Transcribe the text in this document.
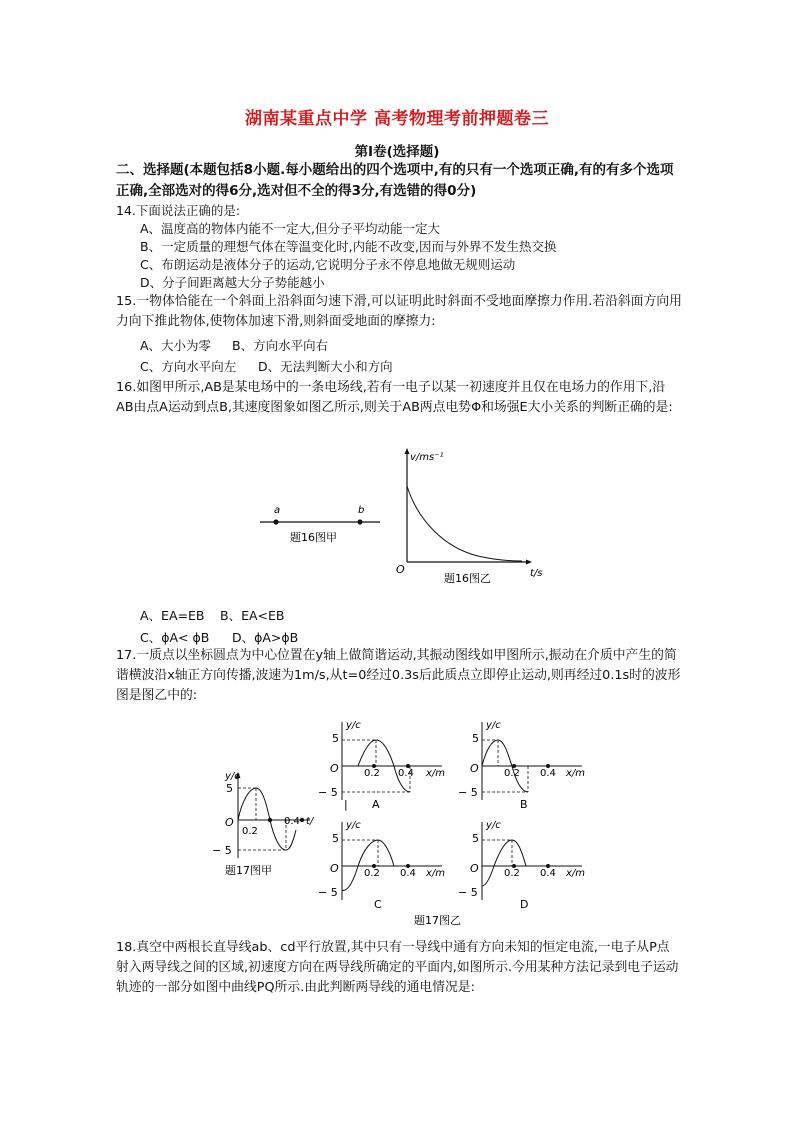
湖南某重点中学 高考物理考前押题卷三
第Ⅰ卷(选择题)
二、选择题(本题包括8小题.每小题给出的四个选项中,有的只有一个选项正确,有的有多个选项正确,全部选对的得6分,选对但不全的得3分,有选错的得0分)
14.下面说法正确的是:
A、温度高的物体内能不一定大,但分子平均动能一定大
B、一定质量的理想气体在等温变化时,内能不改变,因而与外界不发生热交换
C、布朗运动是液体分子的运动,它说明分子永不停息地做无规则运动
D、分子间距离越大分子势能越小
15.一物体恰能在一个斜面上沿斜面匀速下滑,可以证明此时斜面不受地面摩擦力作用.若沿斜面方向用力向下推此物体,使物体加速下滑,则斜面受地面的摩擦力:
A、大小为零 B、方向水平向右
C、方向水平向左 D、无法判断大小和方向
16.如图甲所示,AB是某电场中的一条电场线,若有一电子以某一初速度并且仅在电场力的作用下,沿AB由点A运动到点B,其速度图象如图乙所示,则关于AB两点电势Φ和场强E大小关系的判断正确的是:
a	b
题16图甲
v/ms⁻¹
O	t/s
题16图乙
A、EA=EB B、EA<EB
C、ϕA< ϕB D、ϕA>ϕB
17.一质点以坐标圆点为中心位置在y轴上做简谐运动,其振动图线如甲图所示,振动在介质中产生的简谐横波沿x轴正方向传播,波速为1m/s,从t=0经过0.3s后此质点立即停止运动,则再经过0.1s时的波形图是图乙中的:
y/c
5
− 5
O
0.2
0.4 t/
题17图甲
y/c
5
O
− 5
0.2 0.4 x/m
| A
y/c
5
O
− 5
0.2 0.4 x/m
B
y/c
5
O
− 5
0.2 0.4 x/m
C
y/c
5
O
− 5
0.2 0.4 x/m
D
题17图乙
18.真空中两根长直导线ab、cd平行放置,其中只有一导线中通有方向未知的恒定电流,一电子从P点射入两导线之间的区域,初速度方向在两导线所确定的平面内,如图所示.今用某种方法记录到电子运动轨迹的一部分如图中曲线PQ所示.由此判断两导线的通电情况是:
